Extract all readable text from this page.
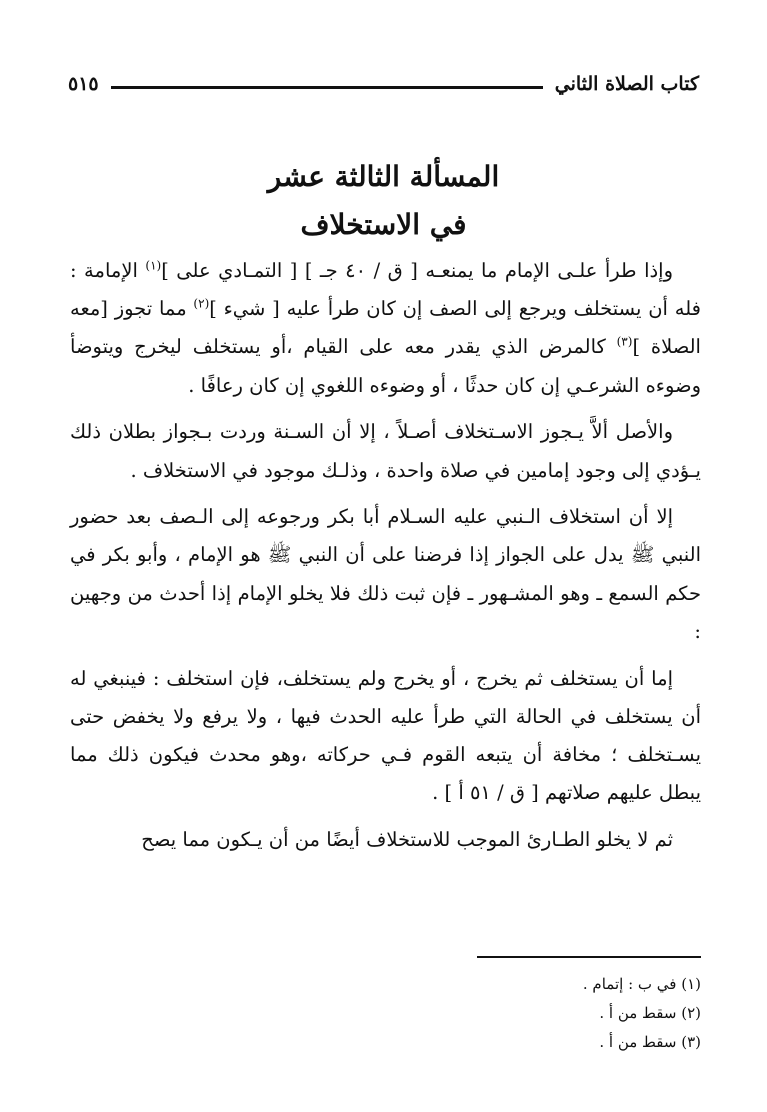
كتاب الصلاة الثاني
٥١٥
المسألة الثالثة عشر
في الاستخلاف

وإذا طرأ علـى الإمام ما يمنعـه [ ق / ٤٠ جـ ] [ التمـادي على ]$^{(١)}$ الإمامة : فله أن يستخلف ويرجع إلى الصف إن كان طرأ عليه [ شيء ]$^{(٢)}$ مما تجوز [معه الصلاة ]$^{(٣)}$ كالمرض الذي يقدر معه على القيام ،أو يستخلف ليخرج ويتوضأ وضوءه الشرعـي إن كان حدثًا ، أو وضوءه اللغوي إن كان رعافًا .

والأصل ألاَّ يـجوز الاسـتخلاف أصـلاً ، إلا أن السـنة وردت بـجواز بطلان ذلك يـؤدي إلى وجود إمامين في صلاة واحدة ، وذلـك موجود في الاستخلاف .

إلا أن استخلاف الـنبي عليه السـلام أبا بكر ورجوعه إلى الـصف بعد حضور النبي ﷺ يدل على الجواز إذا فرضنا على أن النبي ﷺ هو الإمام ، وأبو بكر في حكم السمع ـ وهو المشـهور ـ فإن ثبت ذلك فلا يخلو الإمام إذا أحدث من وجهين :

إما أن يستخلف ثم يخرج ، أو يخرج ولم يستخلف، فإن استخلف : فينبغي له أن يستخلف في الحالة التي طرأ عليه الحدث فيها ، ولا يرفع ولا يخفض حتى يسـتخلف ؛ مخافة أن يتبعه القوم فـي حركاته ،وهو محدث فيكون ذلك مما يبطل عليهم صلاتهم [ ق / ٥١ أ ] .

ثم لا يخلو الطـارئ الموجب للاستخلاف أيضًا من أن يـكون مما يصح

(١) في ب : إتمام .

(٢) سقط من أ .

(٣) سقط من أ .
